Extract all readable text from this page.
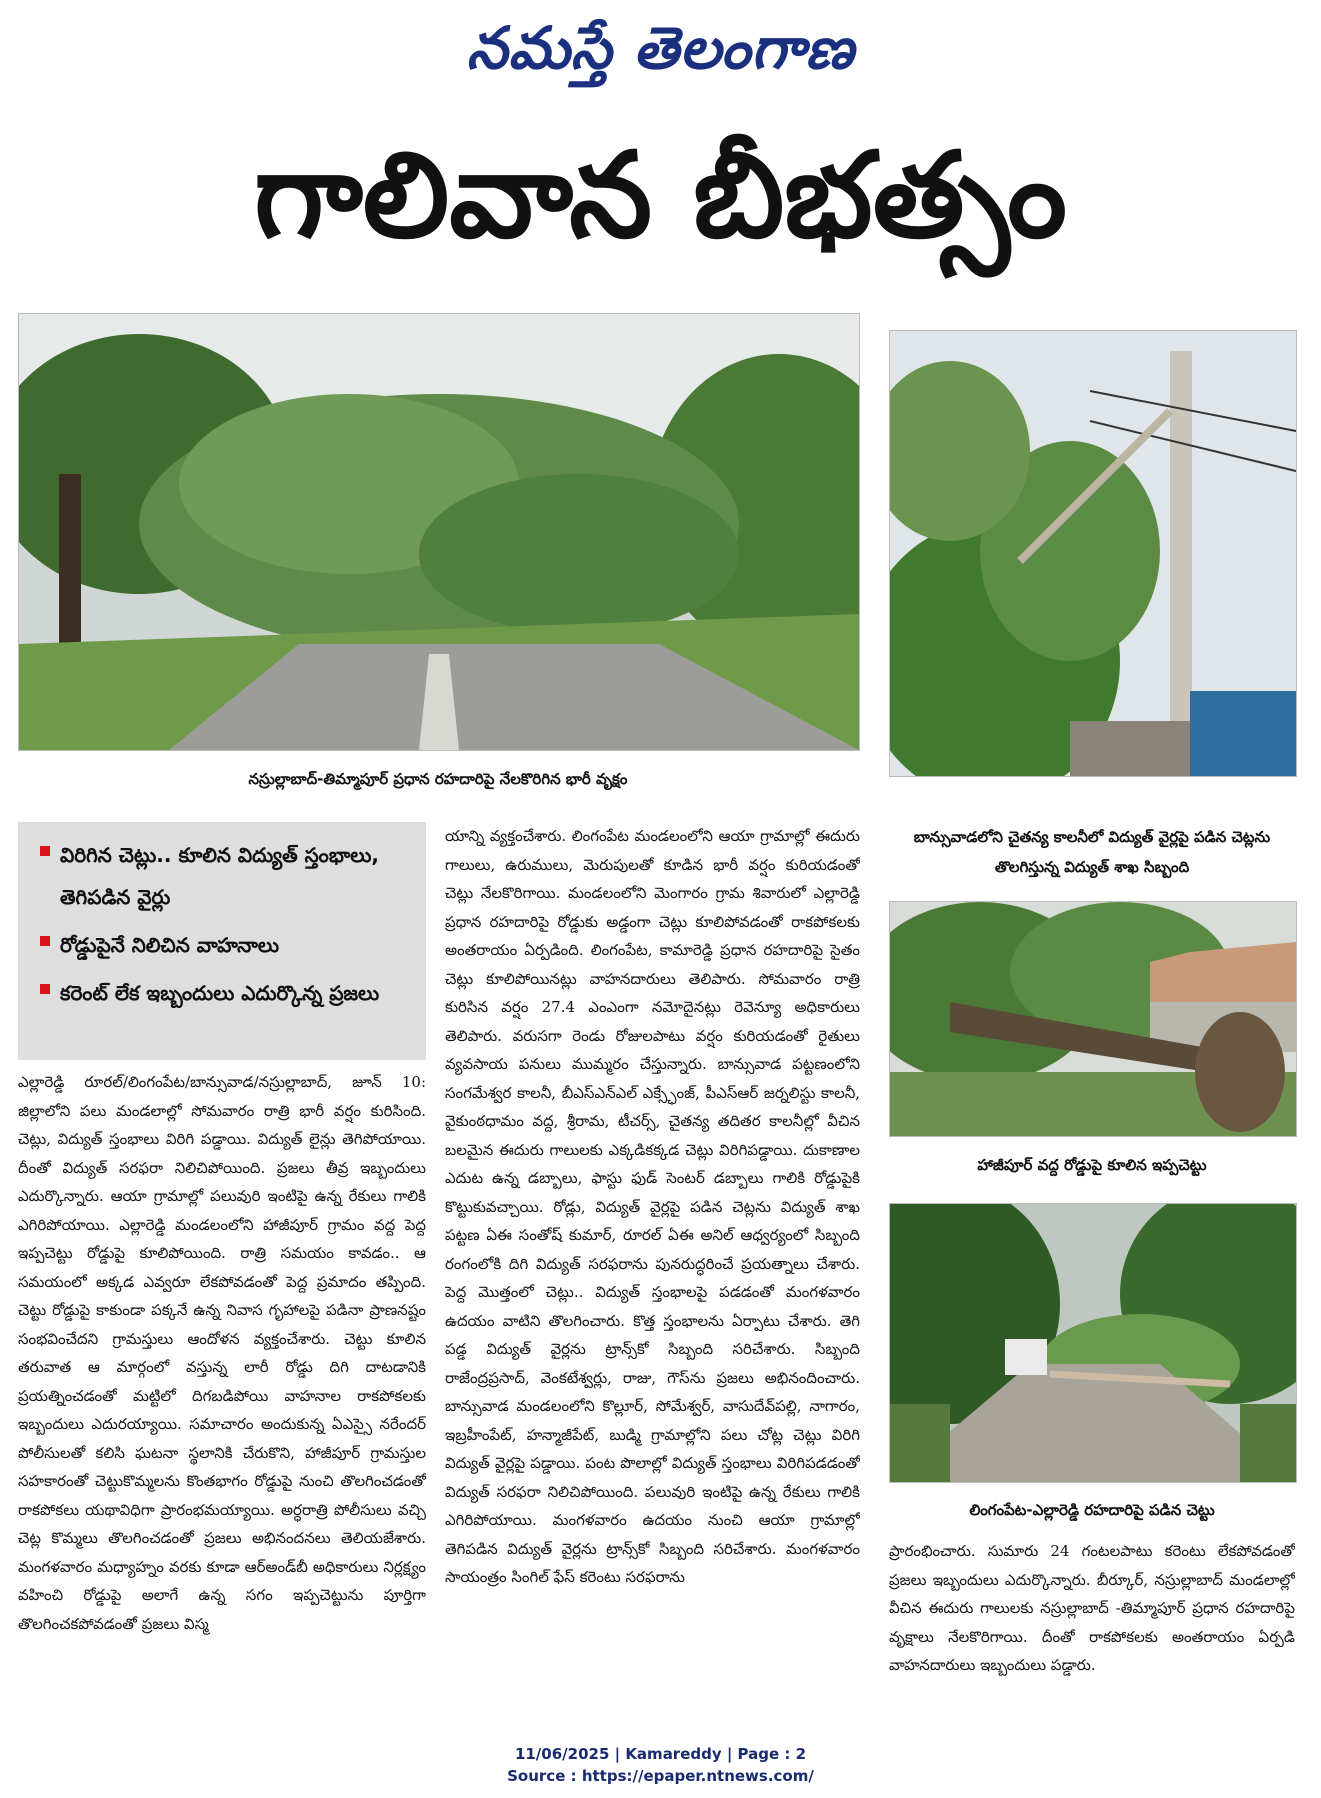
నమస్తే తెలంగాణ
గాలివాన బీభత్సం
నస్రుల్లాబాద్‌-తిమ్మాపూర్‌ ప్రధాన రహదారిపై నేలకొరిగిన భారీ వృక్షం
బాన్సువాడలోని చైతన్య కాలనీలో విద్యుత్‌ వైర్లపై పడిన చెట్లను తొలగిస్తున్న విద్యుత్‌ శాఖ సిబ్బంది
హాజీపూర్‌ వద్ద రోడ్డుపై కూలిన ఇప్పచెట్టు
లింగంపేట-ఎల్లారెడ్డి రహదారిపై పడిన చెట్టు
విరిగిన చెట్లు.. కూలిన విద్యుత్‌ స్తంభాలు, తెగిపడిన వైర్లు
రోడ్డుపైనే నిలిచిన వాహనాలు
కరెంట్‌ లేక ఇబ్బందులు ఎదుర్కొన్న ప్రజలు

ఎల్లారెడ్డి రూరల్‌/లింగంపేట/బాన్సువాడ/నస్రుల్లాబాద్‌, జూన్‌ 10: జిల్లాలోని పలు మండలాల్లో సోమవారం రాత్రి భారీ వర్షం కురిసింది. చెట్లు, విద్యుత్‌ స్తంభాలు విరిగి పడ్డాయి. విద్యుత్‌ లైన్లు తెగిపోయాయి. దీంతో విద్యుత్‌ సరఫరా నిలిచిపోయింది. ప్రజలు తీవ్ర ఇబ్బందులు ఎదుర్కొన్నారు. ఆయా గ్రామాల్లో పలువురి ఇంటిపై ఉన్న రేకులు గాలికి ఎగిరిపోయాయి. ఎల్లారెడ్డి మండలంలోని హాజీపూర్‌ గ్రామం వద్ద పెద్ద ఇప్పచెట్టు రోడ్డుపై కూలిపోయింది. రాత్రి సమయం కావడం.. ఆ సమయంలో అక్కడ ఎవ్వరూ లేకపోవడంతో పెద్ద ప్రమాదం తప్పింది. చెట్టు రోడ్డుపై కాకుండా పక్కనే ఉన్న నివాస గృహాలపై పడినా ప్రాణనష్టం సంభవించేదని గ్రామస్తులు ఆందోళన వ్యక్తంచేశారు. చెట్టు కూలిన తరువాత ఆ మార్గంలో వస్తున్న లారీ రోడ్డు దిగి దాటడానికి ప్రయత్నించడంతో మట్టిలో దిగబడిపోయి వాహనాల రాకపోకలకు ఇబ్బందులు ఎదురయ్యాయి. సమాచారం అందుకున్న ఏఎస్సై నరేందర్‌ పోలీసులతో కలిసి ఘటనా స్థలానికి చేరుకొని, హాజీపూర్‌ గ్రామస్తుల సహకారంతో చెట్టుకొమ్మలను కొంతభాగం రోడ్డుపై నుంచి తొలగించడంతో రాకపోకలు యథావిధిగా ప్రారంభమయ్యాయి. అర్ధరాత్రి పోలీసులు వచ్చి చెట్ల కొమ్మలు తొలగించడంతో ప్రజలు అభినందనలు తెలియజేశారు. మంగళవారం మధ్యాహ్నం వరకు కూడా ఆర్‌అండ్‌బీ అధికారులు నిర్లక్ష్యం వహించి రోడ్డుపై అలాగే ఉన్న సగం ఇప్పచెట్టును పూర్తిగా తొలగించకపోవడంతో ప్రజలు విస్మ

యాన్ని వ్యక్తంచేశారు. లింగంపేట మండలంలోని ఆయా గ్రామాల్లో ఈదురు గాలులు, ఉరుములు, మెరుపులతో కూడిన భారీ వర్షం కురియడంతో చెట్లు నేలకొరిగాయి. మండలంలోని మెంగారం గ్రామ శివారులో ఎల్లారెడ్డి ప్రధాన రహదారిపై రోడ్డుకు అడ్డంగా చెట్లు కూలిపోవడంతో రాకపోకలకు అంతరాయం ఏర్పడింది. లింగంపేట, కామారెడ్డి ప్రధాన రహదారిపై సైతం చెట్లు కూలిపోయినట్లు వాహనదారులు తెలిపారు. సోమవారం రాత్రి కురిసిన వర్షం 27.4 ఎంఎంగా నమోదైనట్లు రెవెన్యూ అధికారులు తెలిపారు. వరుసగా రెండు రోజులపాటు వర్షం కురియడంతో రైతులు వ్యవసాయ పనులు ముమ్మరం చేస్తున్నారు. బాన్సువాడ పట్టణంలోని సంగమేశ్వర కాలనీ, బీఎస్‌ఎన్‌ఎల్‌ ఎక్స్ఛేంజ్‌, పీఎస్‌ఆర్‌ జర్నలిస్టు కాలనీ, వైకుంఠధామం వద్ద, శ్రీరామ, టీచర్స్‌, చైతన్య తదితర కాలనీల్లో వీచిన బలమైన ఈదురు గాలులకు ఎక్కడికక్కడ చెట్లు విరిగిపడ్డాయి. దుకాణాల ఎదుట ఉన్న డబ్బాలు, ఫాస్టు ఫుడ్‌ సెంటర్‌ డబ్బాలు గాలికి రోడ్డుపైకి కొట్టుకువచ్చాయి. రోడ్లు, విద్యుత్‌ వైర్లపై పడిన చెట్లను విద్యుత్‌ శాఖ పట్టణ ఏఈ సంతోష్‌ కుమార్‌, రూరల్‌ ఏఈ అనిల్‌ ఆధ్వర్యంలో సిబ్బంది రంగంలోకి దిగి విద్యుత్‌ సరఫరాను పునరుద్ధరించే ప్రయత్నాలు చేశారు. పెద్ద మొత్తంలో చెట్లు.. విద్యుత్‌ స్తంభాలపై పడడంతో మంగళవారం ఉదయం వాటిని తొలగించారు. కొత్త స్తంభాలను ఏర్పాటు చేశారు. తెగి పడ్డ విద్యుత్‌ వైర్లను ట్రాన్స్‌కో సిబ్బంది సరిచేశారు. సిబ్బంది రాజేంద్రప్రసాద్‌, వెంకటేశ్వర్లు, రాజు, గౌస్‌ను ప్రజలు అభినందించారు. బాన్సువాడ మండలంలోని కొల్లూర్‌, సోమేశ్వర్‌, వాసుదేవ్‌పల్లి, నాగారం, ఇబ్రహీంపేట్‌, హన్మాజీపేట్‌, బుడ్మి గ్రామాల్లోని పలు చోట్ల చెట్లు విరిగి విద్యుత్‌ వైర్లపై పడ్డాయి. పంట పొలాల్లో విద్యుత్‌ స్తంభాలు విరిగిపడడంతో విద్యుత్‌ సరఫరా నిలిచిపోయింది. పలువురి ఇంటిపై ఉన్న రేకులు గాలికి ఎగిరిపోయాయి. మంగళవారం ఉదయం నుంచి ఆయా గ్రామాల్లో తెగిపడిన విద్యుత్‌ వైర్లను ట్రాన్స్‌కో సిబ్బంది సరిచేశారు. మంగళవారం సాయంత్రం సింగిల్‌ ఫేస్‌ కరెంటు సరఫరాను

ప్రారంభించారు. సుమారు 24 గంటలపాటు కరెంటు లేకపోవడంతో ప్రజలు ఇబ్బందులు ఎదుర్కొన్నారు. బీర్కూర్‌, నస్రుల్లాబాద్‌ మండలాల్లో వీచిన ఈదురు గాలులకు నస్రుల్లాబాద్‌ -తిమ్మాపూర్‌ ప్రధాన రహదారిపై వృక్షాలు నేలకొరిగాయి. దీంతో రాకపోకలకు అంతరాయం ఏర్పడి వాహనదారులు ఇబ్బందులు పడ్డారు.

11/06/2025 | Kamareddy | Page : 2
Source : https://epaper.ntnews.com/
